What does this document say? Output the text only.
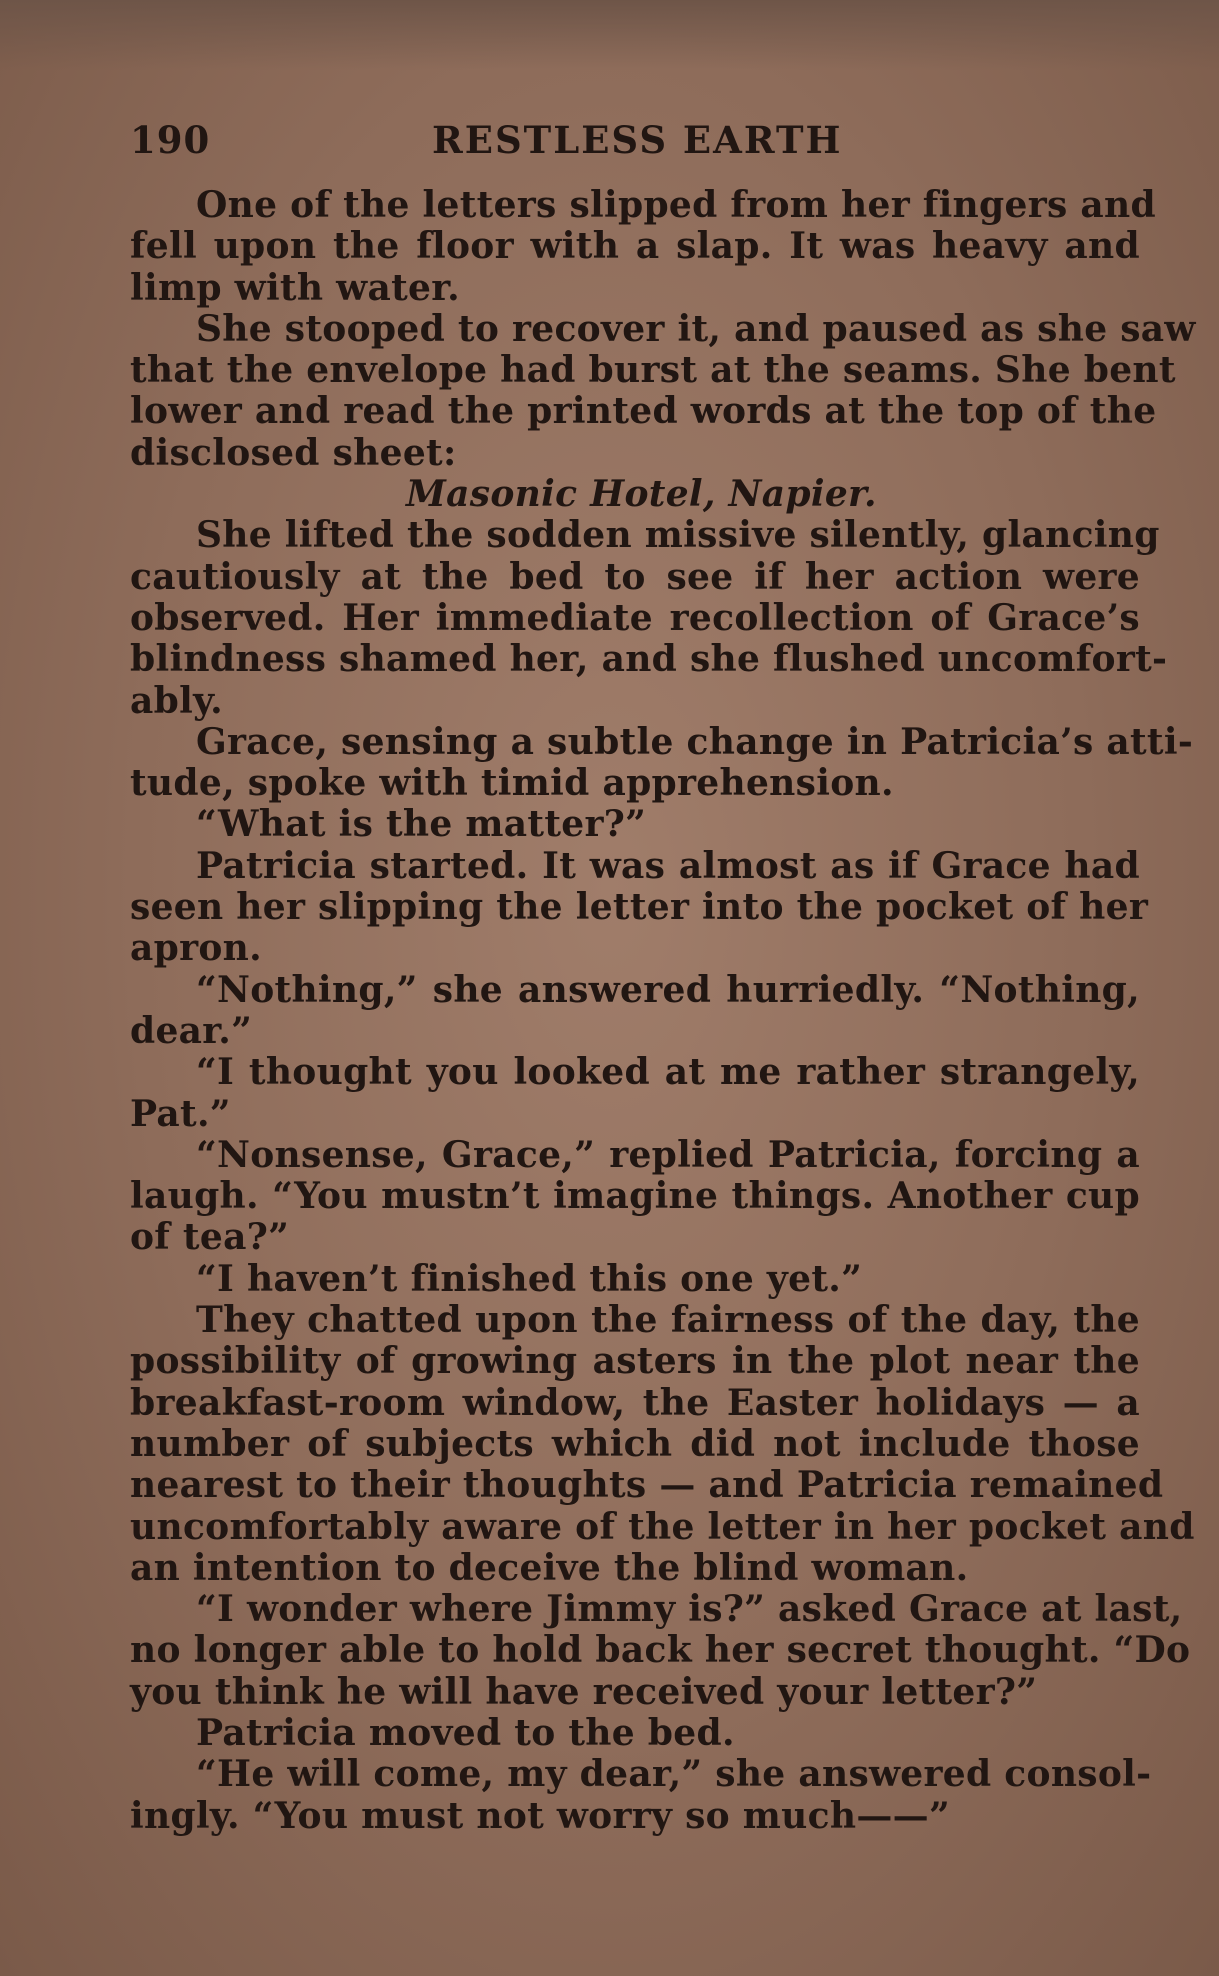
190	RESTLESS EARTH
One of the letters slipped from her fingers and
fell upon the floor with a slap. It was heavy and
limp with water.
She stooped to recover it, and paused as she saw
that the envelope had burst at the seams. She bent
lower and read the printed words at the top of the
disclosed sheet:
Masonic Hotel, Napier.
She lifted the sodden missive silently, glancing
cautiously at the bed to see if her action were
observed. Her immediate recollection of Grace’s
blindness shamed her, and she flushed uncomfort-
ably.
Grace, sensing a subtle change in Patricia’s atti-
tude, spoke with timid apprehension.
“What is the matter?”
Patricia started. It was almost as if Grace had
seen her slipping the letter into the pocket of her
apron.
“Nothing,” she answered hurriedly. “Nothing,
dear.”
“I thought you looked at me rather strangely,
Pat.”
“Nonsense, Grace,” replied Patricia, forcing a
laugh. “You mustn’t imagine things. Another cup
of tea?”
“I haven’t finished this one yet.”
They chatted upon the fairness of the day, the
possibility of growing asters in the plot near the
breakfast-room window, the Easter holidays — a
number of subjects which did not include those
nearest to their thoughts — and Patricia remained
uncomfortably aware of the letter in her pocket and
an intention to deceive the blind woman.
“I wonder where Jimmy is?” asked Grace at last,
no longer able to hold back her secret thought. “Do
you think he will have received your letter?”
Patricia moved to the bed.
“He will come, my dear,” she answered consol-
ingly. “You must not worry so much——”
